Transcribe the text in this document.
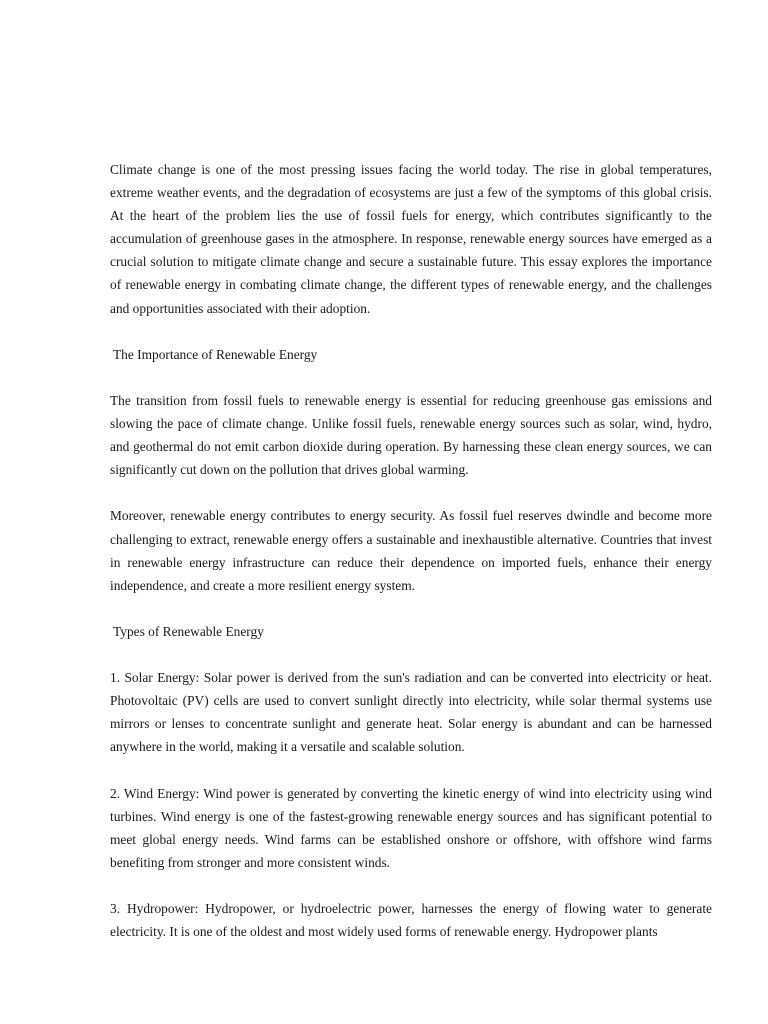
Climate change is one of the most pressing issues facing the world today. The rise in global temperatures, extreme weather events, and the degradation of ecosystems are just a few of the symptoms of this global crisis. At the heart of the problem lies the use of fossil fuels for energy, which contributes significantly to the accumulation of greenhouse gases in the atmosphere. In response, renewable energy sources have emerged as a crucial solution to mitigate climate change and secure a sustainable future. This essay explores the importance of renewable energy in combating climate change, the different types of renewable energy, and the challenges and opportunities associated with their adoption.

The Importance of Renewable Energy

The transition from fossil fuels to renewable energy is essential for reducing greenhouse gas emissions and slowing the pace of climate change. Unlike fossil fuels, renewable energy sources such as solar, wind, hydro, and geothermal do not emit carbon dioxide during operation. By harnessing these clean energy sources, we can significantly cut down on the pollution that drives global warming.

Moreover, renewable energy contributes to energy security. As fossil fuel reserves dwindle and become more challenging to extract, renewable energy offers a sustainable and inexhaustible alternative. Countries that invest in renewable energy infrastructure can reduce their dependence on imported fuels, enhance their energy independence, and create a more resilient energy system.

Types of Renewable Energy

1. Solar Energy: Solar power is derived from the sun's radiation and can be converted into electricity or heat. Photovoltaic (PV) cells are used to convert sunlight directly into electricity, while solar thermal systems use mirrors or lenses to concentrate sunlight and generate heat. Solar energy is abundant and can be harnessed anywhere in the world, making it a versatile and scalable solution.

2. Wind Energy: Wind power is generated by converting the kinetic energy of wind into electricity using wind turbines. Wind energy is one of the fastest-growing renewable energy sources and has significant potential to meet global energy needs. Wind farms can be established onshore or offshore, with offshore wind farms benefiting from stronger and more consistent winds.

3. Hydropower: Hydropower, or hydroelectric power, harnesses the energy of flowing water to generate electricity. It is one of the oldest and most widely used forms of renewable energy. Hydropower plants
